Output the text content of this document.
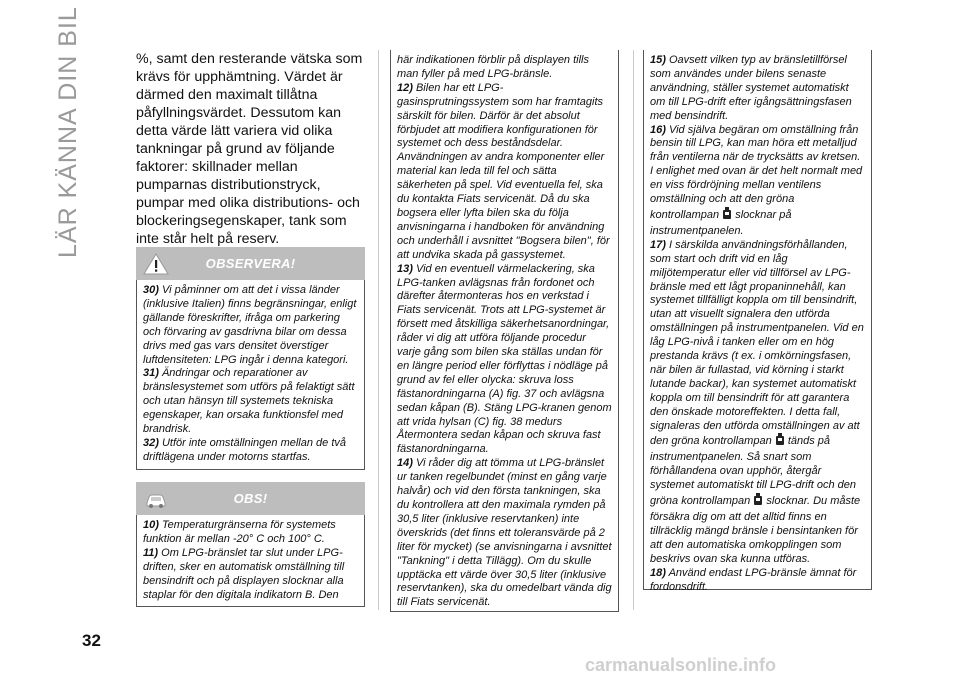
LÄR KÄNNA DIN BIL
32

%, samt den resterande vätska som krävs för upphämtning. Värdet är därmed den maximalt tillåtna påfyllningsvärdet. Dessutom kan detta värde lätt variera vid olika tankningar på grund av följande faktorer: skillnader mellan pumparnas distributionstryck, pumpar med olika distributions- och blockeringsegenskaper, tank som inte står helt på reserv.

OBSERVERA!

30) Vi påminner om att det i vissa länder (inklusive Italien) finns begränsningar, enligt gällande föreskrifter, ifråga om parkering och förvaring av gasdrivna bilar om dessa drivs med gas vars densitet överstiger luftdensiteten: LPG ingår i denna kategori.

31) Ändringar och reparationer av bränslesystemet som utförs på felaktigt sätt och utan hänsyn till systemets tekniska egenskaper, kan orsaka funktionsfel med brandrisk.

32) Utför inte omställningen mellan de två driftlägena under motorns startfas.

OBS!

10) Temperaturgränserna för systemets funktion är mellan -20° C och 100° C.

11) Om LPG-bränslet tar slut under LPG-driften, sker en automatisk omställning till bensindrift och på displayen slocknar alla staplar för den digitala indikatorn B. Den

här indikationen förblir på displayen tills man fyller på med LPG-bränsle.

12) Bilen har ett LPG-gasinsprutningssystem som har framtagits särskilt för bilen. Därför är det absolut förbjudet att modifiera konfigurationen för systemet och dess beståndsdelar. Användningen av andra komponenter eller material kan leda till fel och sätta säkerheten på spel. Vid eventuella fel, ska du kontakta Fiats servicenät. Då du ska bogsera eller lyfta bilen ska du följa anvisningarna i handboken för användning och underhåll i avsnittet "Bogsera bilen", för att undvika skada på gassystemet.

13) Vid en eventuell värmelackering, ska LPG-tanken avlägsnas från fordonet och därefter återmonteras hos en verkstad i Fiats servicenät. Trots att LPG-systemet är försett med åtskilliga säkerhetsanordningar, råder vi dig att utföra följande procedur varje gång som bilen ska ställas undan för en längre period eller förflyttas i nödläge på grund av fel eller olycka: skruva loss fästanordningarna (A) fig. 37 och avlägsna sedan kåpan (B). Stäng LPG-kranen genom att vrida hylsan (C) fig. 38 medurs Återmontera sedan kåpan och skruva fast fästanordningarna.

14) Vi råder dig att tömma ut LPG-bränslet ur tanken regelbundet (minst en gång varje halvår) och vid den första tankningen, ska du kontrollera att den maximala rymden på 30,5 liter (inklusive reservtanken) inte överskrids (det finns ett toleransvärde på 2 liter för mycket) (se anvisningarna i avsnittet "Tankning" i detta Tillägg). Om du skulle upptäcka ett värde över 30,5 liter (inklusive reservtanken), ska du omedelbart vända dig till Fiats servicenät.

15) Oavsett vilken typ av bränsletillförsel som användes under bilens senaste användning, ställer systemet automatiskt om till LPG-drift efter igångsättningsfasen med bensindrift.

16) Vid själva begäran om omställning från bensin till LPG, kan man höra ett metalljud från ventilerna när de trycksätts av kretsen. I enlighet med ovan är det helt normalt med en viss fördröjning mellan ventilens omställning och att den gröna kontrollampan slocknar på instrumentpanelen.

17) I särskilda användningsförhållanden, som start och drift vid en låg miljötemperatur eller vid tillförsel av LPG-bränsle med ett lågt propaninnehåll, kan systemet tillfälligt koppla om till bensindrift, utan att visuellt signalera den utförda omställningen på instrumentpanelen. Vid en låg LPG-nivå i tanken eller om en hög prestanda krävs (t ex. i omkörningsfasen, när bilen är fullastad, vid körning i starkt lutande backar), kan systemet automatiskt koppla om till bensindrift för att garantera den önskade motoreffekten. I detta fall, signaleras den utförda omställningen av att den gröna kontrollampan tänds på instrumentpanelen. Så snart som förhållandena ovan upphör, återgår systemet automatiskt till LPG-drift och den gröna kontrollampan slocknar. Du måste försäkra dig om att det alltid finns en tillräcklig mängd bränsle i bensintanken för att den automatiska omkopplingen som beskrivs ovan ska kunna utföras.

18) Använd endast LPG-bränsle ämnat för fordonsdrift.

carmanualsonline.info
